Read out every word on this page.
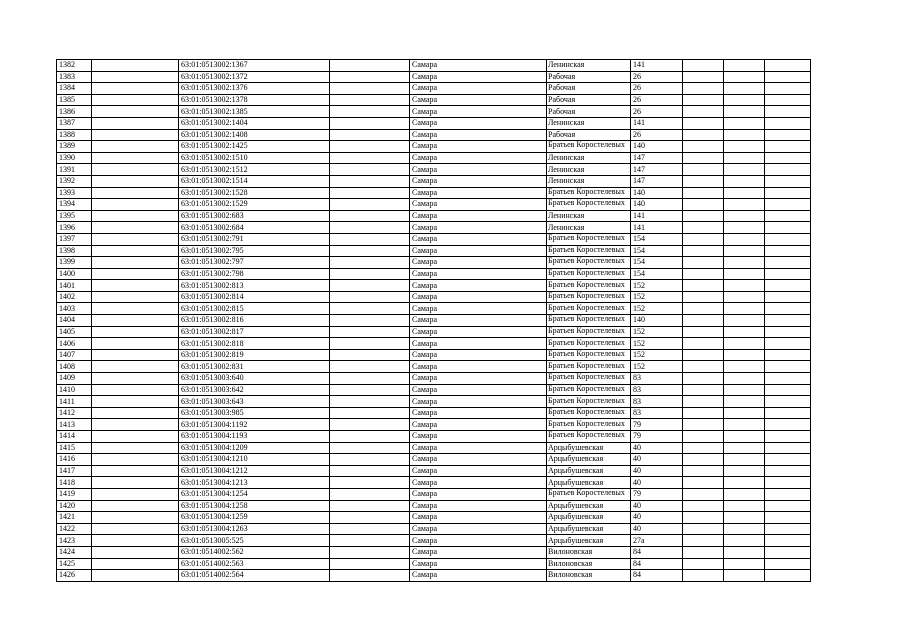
1382		63:01:0513002:1367		Самара	Ленинская	141			
1383		63:01:0513002:1372		Самара	Рабочая	26			
1384		63:01:0513002:1376		Самара	Рабочая	26			
1385		63:01:0513002:1378		Самара	Рабочая	26			
1386		63:01:0513002:1385		Самара	Рабочая	26			
1387		63:01:0513002:1404		Самара	Ленинская	141			
1388		63:01:0513002:1408		Самара	Рабочая	26			
1389		63:01:0513002:1425		Самара	Братьев Коростелевых	140			
1390		63:01:0513002:1510		Самара	Ленинская	147			
1391		63:01:0513002:1512		Самара	Ленинская	147			
1392		63:01:0513002:1514		Самара	Ленинская	147			
1393		63:01:0513002:1528		Самара	Братьев Коростелевых	140			
1394		63:01:0513002:1529		Самара	Братьев Коростелевых	140			
1395		63:01:0513002:683		Самара	Ленинская	141			
1396		63:01:0513002:684		Самара	Ленинская	141			
1397		63:01:0513002:791		Самара	Братьев Коростелевых	154			
1398		63:01:0513002:795		Самара	Братьев Коростелевых	154			
1399		63:01:0513002:797		Самара	Братьев Коростелевых	154			
1400		63:01:0513002:798		Самара	Братьев Коростелевых	154			
1401		63:01:0513002:813		Самара	Братьев Коростелевых	152			
1402		63:01:0513002:814		Самара	Братьев Коростелевых	152			
1403		63:01:0513002:815		Самара	Братьев Коростелевых	152			
1404		63:01:0513002:816		Самара	Братьев Коростелевых	140			
1405		63:01:0513002:817		Самара	Братьев Коростелевых	152			
1406		63:01:0513002:818		Самара	Братьев Коростелевых	152			
1407		63:01:0513002:819		Самара	Братьев Коростелевых	152			
1408		63:01:0513002:831		Самара	Братьев Коростелевых	152			
1409		63:01:0513003:640		Самара	Братьев Коростелевых	83			
1410		63:01:0513003:642		Самара	Братьев Коростелевых	83			
1411		63:01:0513003:643		Самара	Братьев Коростелевых	83			
1412		63:01:0513003:985		Самара	Братьев Коростелевых	83			
1413		63:01:0513004:1192		Самара	Братьев Коростелевых	79			
1414		63:01:0513004:1193		Самара	Братьев Коростелевых	79			
1415		63:01:0513004:1209		Самара	Арцыбушевская	40			
1416		63:01:0513004:1210		Самара	Арцыбушевская	40			
1417		63:01:0513004:1212		Самара	Арцыбушевская	40			
1418		63:01:0513004:1213		Самара	Арцыбушевская	40			
1419		63:01:0513004:1254		Самара	Братьев Коростелевых	79			
1420		63:01:0513004:1258		Самара	Арцыбушевская	40			
1421		63:01:0513004:1259		Самара	Арцыбушевская	40			
1422		63:01:0513004:1263		Самара	Арцыбушевская	40			
1423		63:01:0513005:525		Самара	Арцыбушевская	27а			
1424		63:01:0514002:562		Самара	Вилоновская	84			
1425		63:01:0514002:563		Самара	Вилоновская	84			
1426		63:01:0514002:564		Самара	Вилоновская	84			
